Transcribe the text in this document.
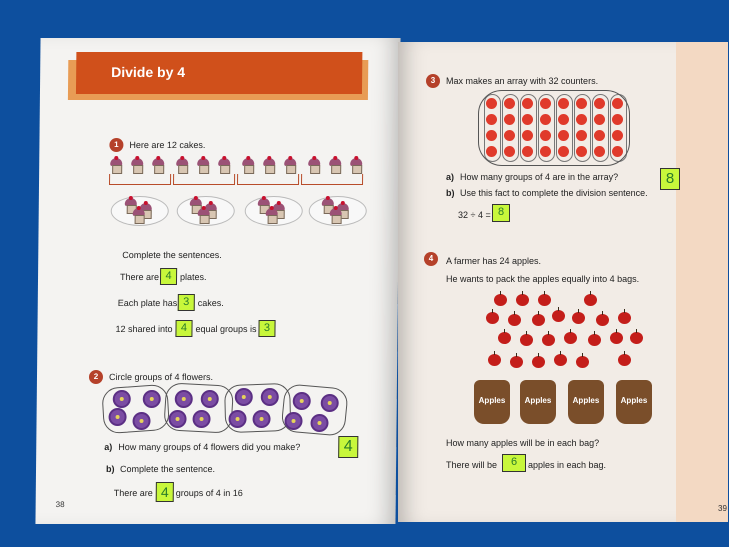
Divide by 4
1	Here are 12 cakes.
Complete the sentences.
There are 4 plates.
Each plate has 3 cakes.
12 shared into 4 equal groups is 3
2	Circle groups of 4 flowers.
a) How many groups of 4 flowers did you make?	4
b) Complete the sentence.
There are 4 groups of 4 in 16
38
3	Max makes an array with 32 counters.
a) How many groups of 4 are in the array?	8
b) Use this fact to complete the division sentence.
32 ÷ 4 = 8
4	A farmer has 24 apples.
He wants to pack the apples equally into 4 bags.
Apples	Apples	Apples	Apples
How many apples will be in each bag?
There will be	6	apples in each bag.
39
